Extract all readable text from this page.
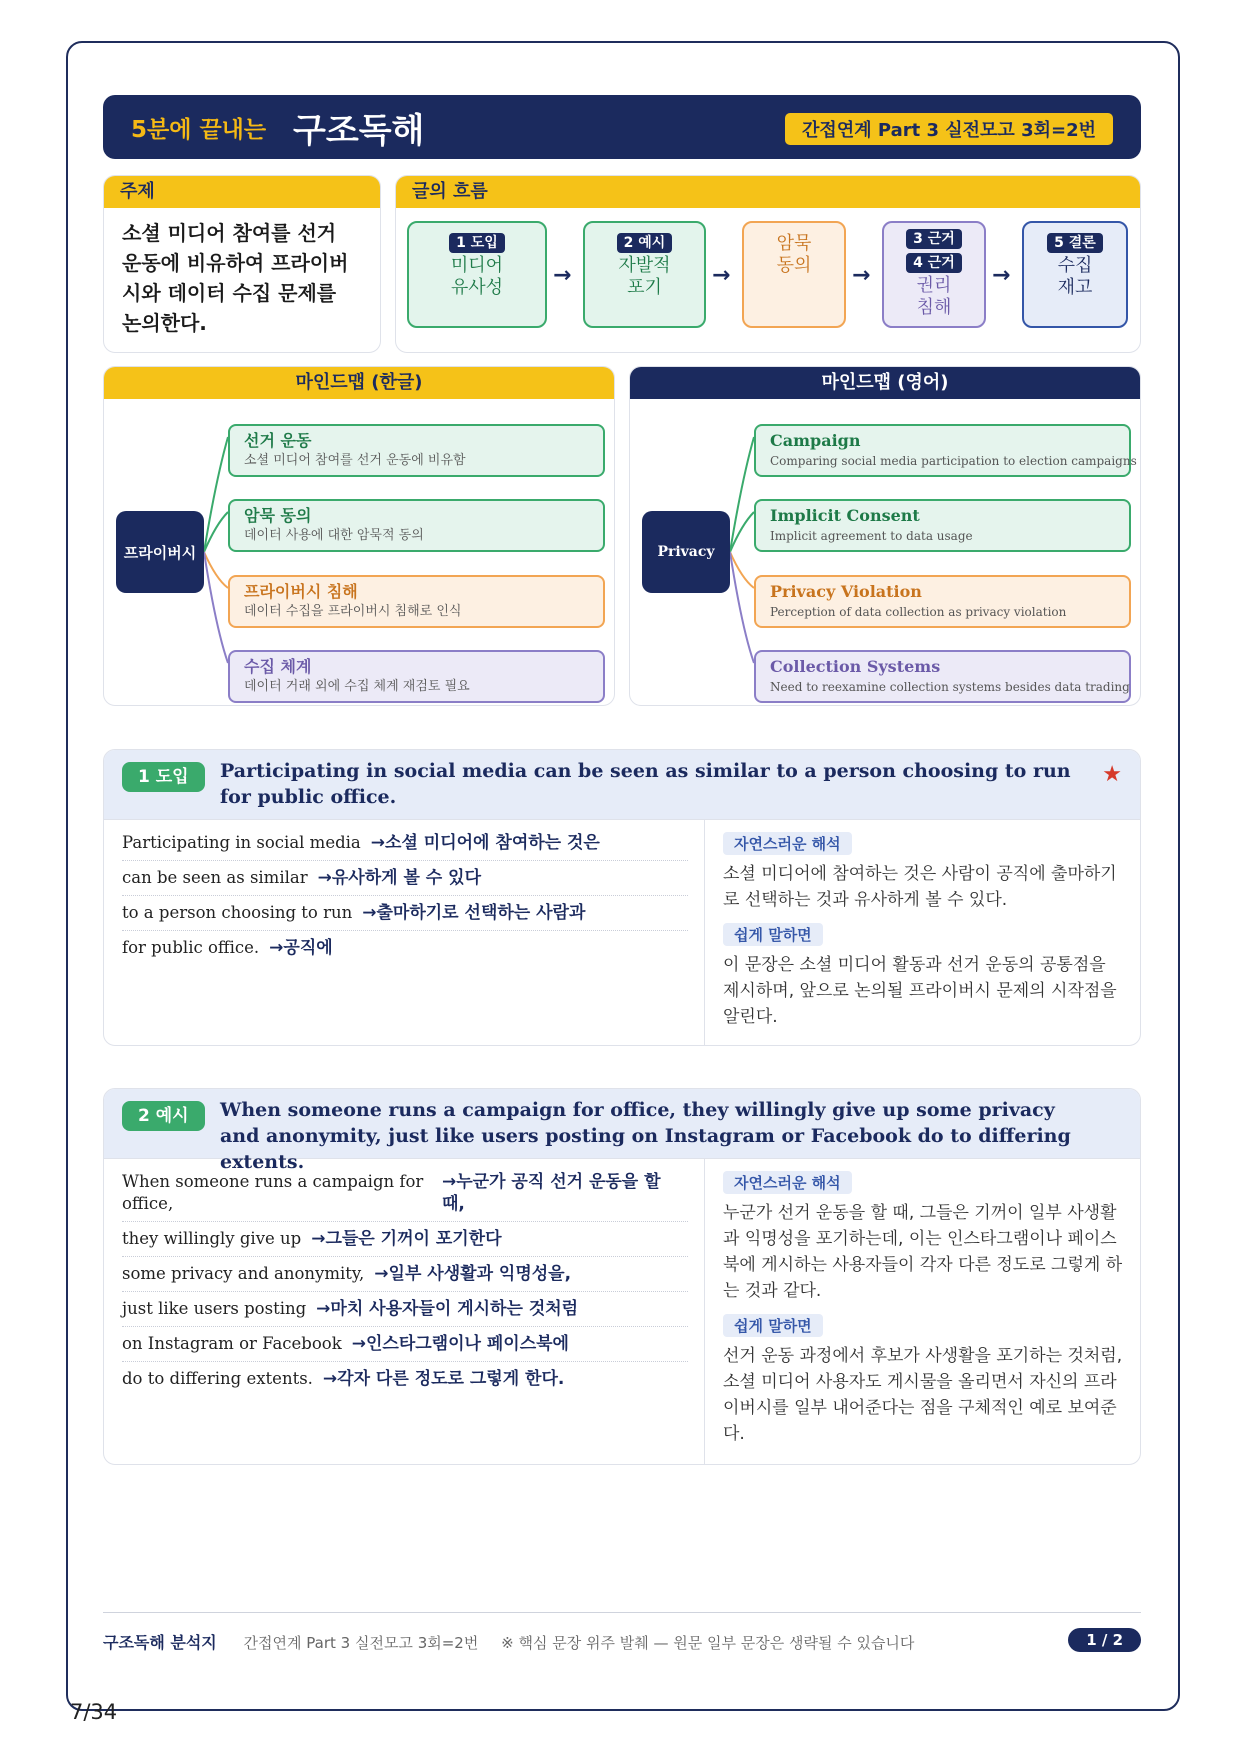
5분에 끝내는 구조독해	간접연계 Part 3 실전모고 3회=2번
주제
소셜 미디어 참여를 선거 운동에 비유하여 프라이버시와 데이터 수집 문제를 논의한다.
글의 흐름
1 도입
미디어
유사성	→
2 예시
자발적
포기	→
암묵
동의	→
3 근거
4 근거
권리
침해
→
5 결론
수집
재고
마인드맵 (한글)
프라이버시
선거 운동
소셜 미디어 참여를 선거 운동에 비유함
암묵 동의
데이터 사용에 대한 암묵적 동의
프라이버시 침해
데이터 수집을 프라이버시 침해로 인식
수집 체계
데이터 거래 외에 수집 체계 재검토 필요
마인드맵 (영어)
Privacy
Campaign
Comparing social media participation to election campaigns
Implicit Consent
Implicit agreement to data usage
Privacy Violation
Perception of data collection as privacy violation
Collection Systems
Need to reexamine collection systems besides data trading
1 도입	Participating in social media can be seen as similar to a person choosing to run for public office.
★
Participating in social media →소셜 미디어에 참여하는 것은
can be seen as similar →유사하게 볼 수 있다
to a person choosing to run →출마하기로 선택하는 사람과
for public office. →공직에
자연스러운 해석
소셜 미디어에 참여하는 것은 사람이 공직에 출마하기로 선택하는 것과 유사하게 볼 수 있다.
쉽게 말하면
이 문장은 소셜 미디어 활동과 선거 운동의 공통점을 제시하며, 앞으로 논의될 프라이버시 문제의 시작점을 알린다.
2 예시	When someone runs a campaign for office, they willingly give up some privacy and anonymity, just like users posting on Instagram or Facebook do to differing extents.
When someone runs a campaign for office,
→누군가 공직 선거 운동을 할 때,
they willingly give up →그들은 기꺼이 포기한다
some privacy and anonymity, →일부 사생활과 익명성을,
just like users posting →마치 사용자들이 게시하는 것처럼
on Instagram or Facebook →인스타그램이나 페이스북에
do to differing extents. →각자 다른 정도로 그렇게 한다.
자연스러운 해석
누군가 선거 운동을 할 때, 그들은 기꺼이 일부 사생활과 익명성을 포기하는데, 이는 인스타그램이나 페이스북에 게시하는 사용자들이 각자 다른 정도로 그렇게 하는 것과 같다.
쉽게 말하면
선거 운동 과정에서 후보가 사생활을 포기하는 것처럼, 소셜 미디어 사용자도 게시물을 올리면서 자신의 프라이버시를 일부 내어준다는 점을 구체적인 예로 보여준다.
구조독해 분석지 간접연계 Part 3 실전모고 3회=2번 ※ 핵심 문장 위주 발췌 — 원문 일부 문장은 생략될 수 있습니다	1 / 2
7/34
